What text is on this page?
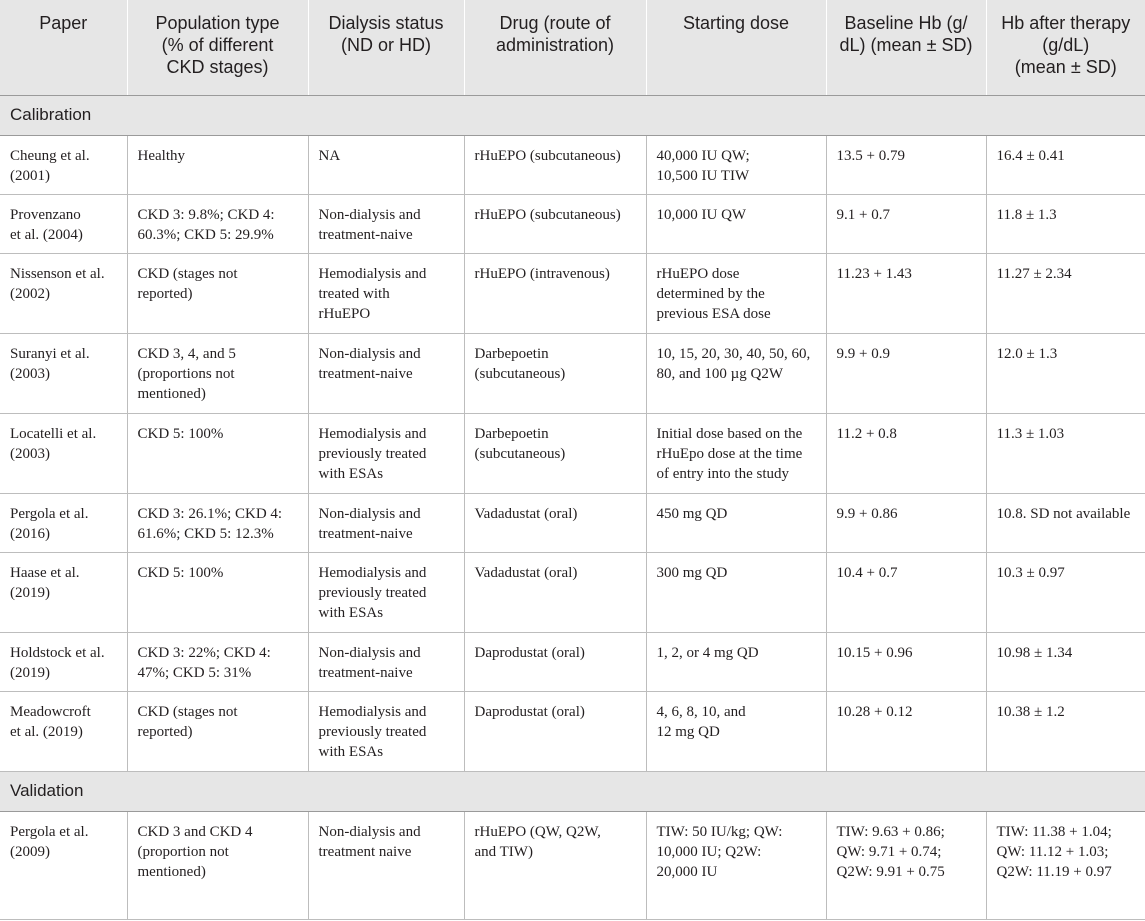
Paper	Population type
(% of different
CKD stages)	Dialysis status
(ND or HD)	Drug (route of
administration)	Starting dose	Baseline Hb (g/
dL) (mean ± SD)	Hb after therapy
(g/dL)
(mean ± SD)
Calibration						
Cheung et al.
(2001)	Healthy	NA	rHuEPO (subcutaneous)	40,000 IU QW;
10,500 IU TIW	13.5 + 0.79	16.4 ± 0.41
Provenzano
et al. (2004)	CKD 3: 9.8%; CKD 4:
60.3%; CKD 5: 29.9%	Non-dialysis and
treatment-naive	rHuEPO (subcutaneous)	10,000 IU QW	9.1 + 0.7	11.8 ± 1.3
Nissenson et al.
(2002)	CKD (stages not
reported)	Hemodialysis and
treated with
rHuEPO	rHuEPO (intravenous)	rHuEPO dose
determined by the
previous ESA dose	11.23 + 1.43	11.27 ± 2.34
Suranyi et al.
(2003)	CKD 3, 4, and 5
(proportions not
mentioned)	Non-dialysis and
treatment-naive	Darbepoetin
(subcutaneous)	10, 15, 20, 30, 40, 50, 60,
80, and 100 µg Q2W	9.9 + 0.9	12.0 ± 1.3
Locatelli et al.
(2003)	CKD 5: 100%	Hemodialysis and
previously treated
with ESAs	Darbepoetin
(subcutaneous)	Initial dose based on the
rHuEpo dose at the time
of entry into the study	11.2 + 0.8	11.3 ± 1.03
Pergola et al.
(2016)	CKD 3: 26.1%; CKD 4:
61.6%; CKD 5: 12.3%	Non-dialysis and
treatment-naive	Vadadustat (oral)	450 mg QD	9.9 + 0.86	10.8. SD not available
Haase et al.
(2019)	CKD 5: 100%	Hemodialysis and
previously treated
with ESAs	Vadadustat (oral)	300 mg QD	10.4 + 0.7	10.3 ± 0.97
Holdstock et al.
(2019)	CKD 3: 22%; CKD 4:
47%; CKD 5: 31%	Non-dialysis and
treatment-naive	Daprodustat (oral)	1, 2, or 4 mg QD	10.15 + 0.96	10.98 ± 1.34
Meadowcroft
et al. (2019)	CKD (stages not
reported)	Hemodialysis and
previously treated
with ESAs	Daprodustat (oral)	4, 6, 8, 10, and
12 mg QD	10.28 + 0.12	10.38 ± 1.2
Validation						
Pergola et al.
(2009)	CKD 3 and CKD 4
(proportion not
mentioned)	Non-dialysis and
treatment naive	rHuEPO (QW, Q2W,
and TIW)	TIW: 50 IU/kg; QW:
10,000 IU; Q2W:
20,000 IU	TIW: 9.63 + 0.86;
QW: 9.71 + 0.74;
Q2W: 9.91 + 0.75	TIW: 11.38 + 1.04;
QW: 11.12 + 1.03;
Q2W: 11.19 + 0.97
